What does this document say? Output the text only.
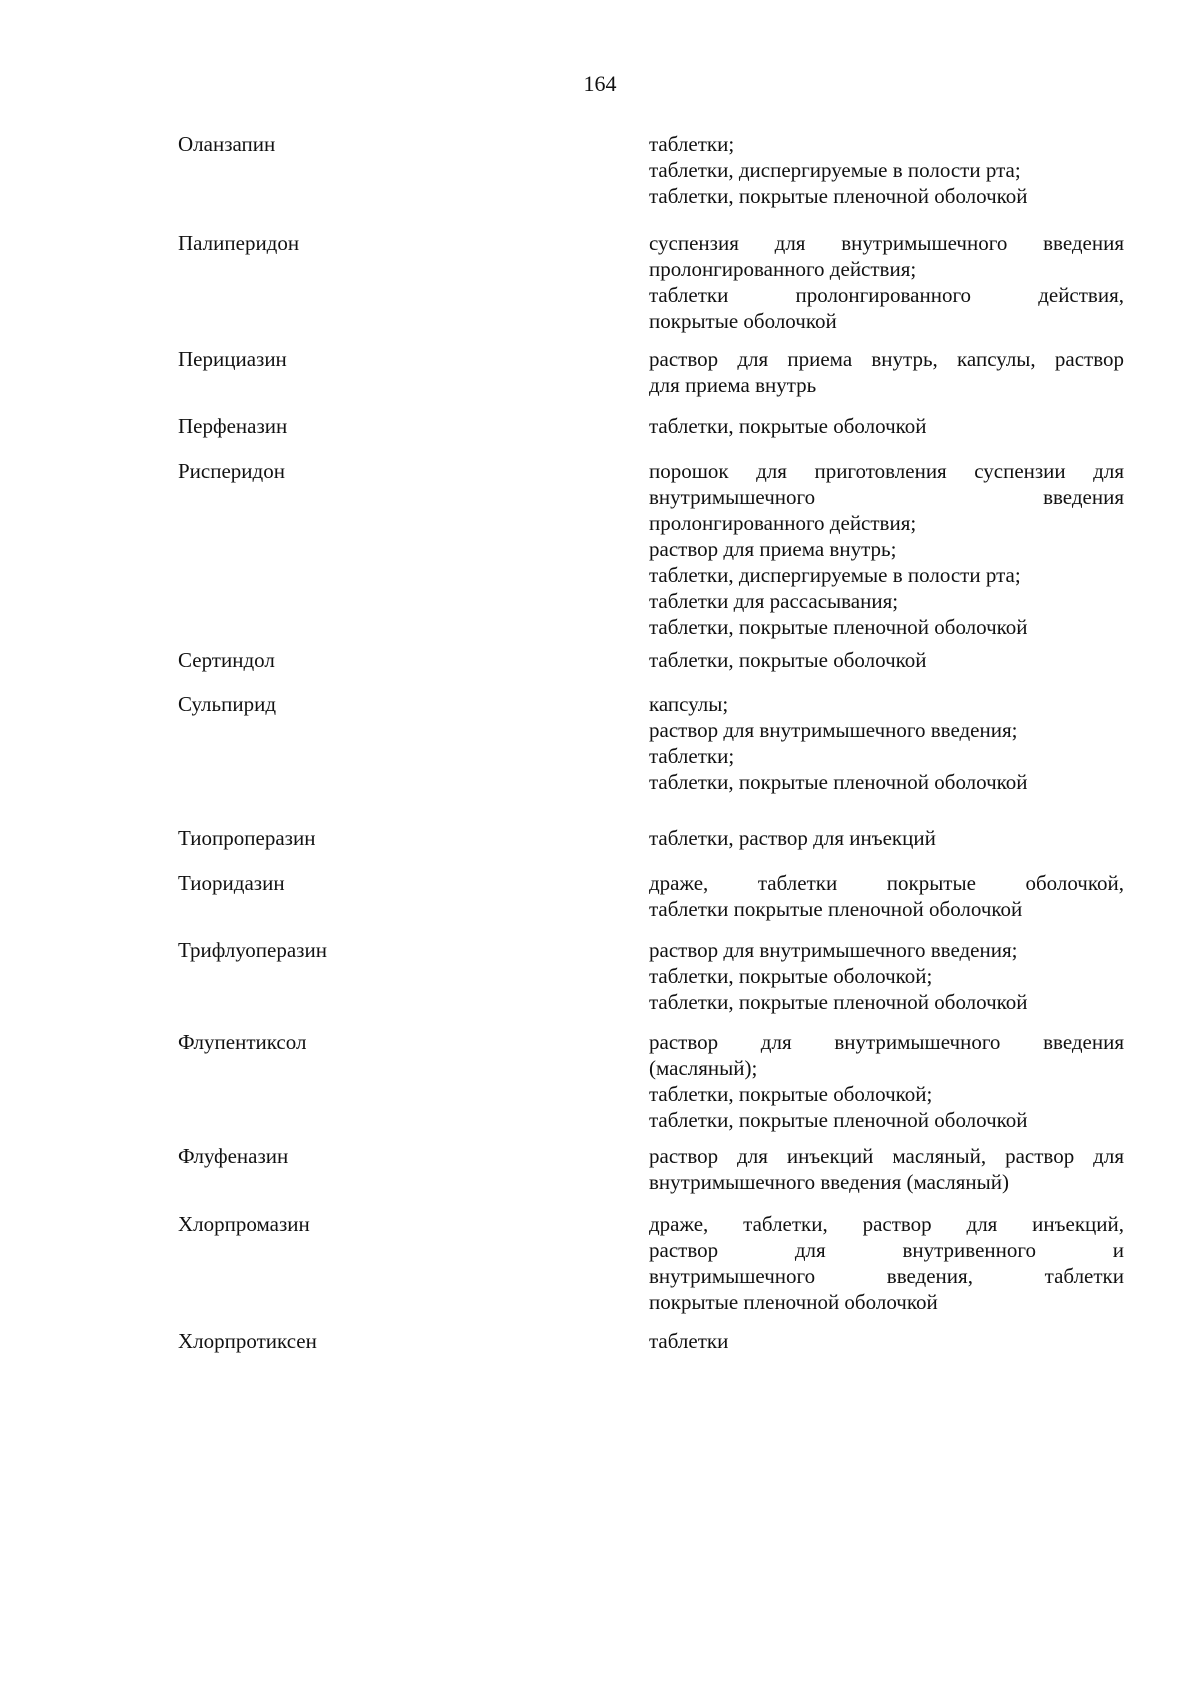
164
Оланзапин	таблетки;
таблетки, диспергируемые в полости рта;
таблетки, покрытые пленочной оболочкой
Палиперидон	суспензия для внутримышечного введения
пролонгированного действия;
таблетки пролонгированного действия,
покрытые оболочкой
Перициазин	раствор для приема внутрь, капсулы, раствор
для приема внутрь
Перфеназин	таблетки, покрытые оболочкой
Рисперидон	порошок для приготовления суспензии для
внутримышечного введения
пролонгированного действия;
раствор для приема внутрь;
таблетки, диспергируемые в полости рта;
таблетки для рассасывания;
таблетки, покрытые пленочной оболочкой
Сертиндол	таблетки, покрытые оболочкой
Сульпирид	капсулы;
раствор для внутримышечного введения;
таблетки;
таблетки, покрытые пленочной оболочкой
Тиопроперазин	таблетки, раствор для инъекций
Тиоридазин	драже, таблетки покрытые оболочкой,
таблетки покрытые пленочной оболочкой
Трифлуоперазин	раствор для внутримышечного введения;
таблетки, покрытые оболочкой;
таблетки, покрытые пленочной оболочкой
Флупентиксол	раствор для внутримышечного введения
(масляный);
таблетки, покрытые оболочкой;
таблетки, покрытые пленочной оболочкой
Флуфеназин	раствор для инъекций масляный, раствор для
внутримышечного введения (масляный)
Хлорпромазин	драже, таблетки, раствор для инъекций,
раствор для внутривенного и
внутримышечного введения, таблетки
покрытые пленочной оболочкой
Хлорпротиксен	таблетки
